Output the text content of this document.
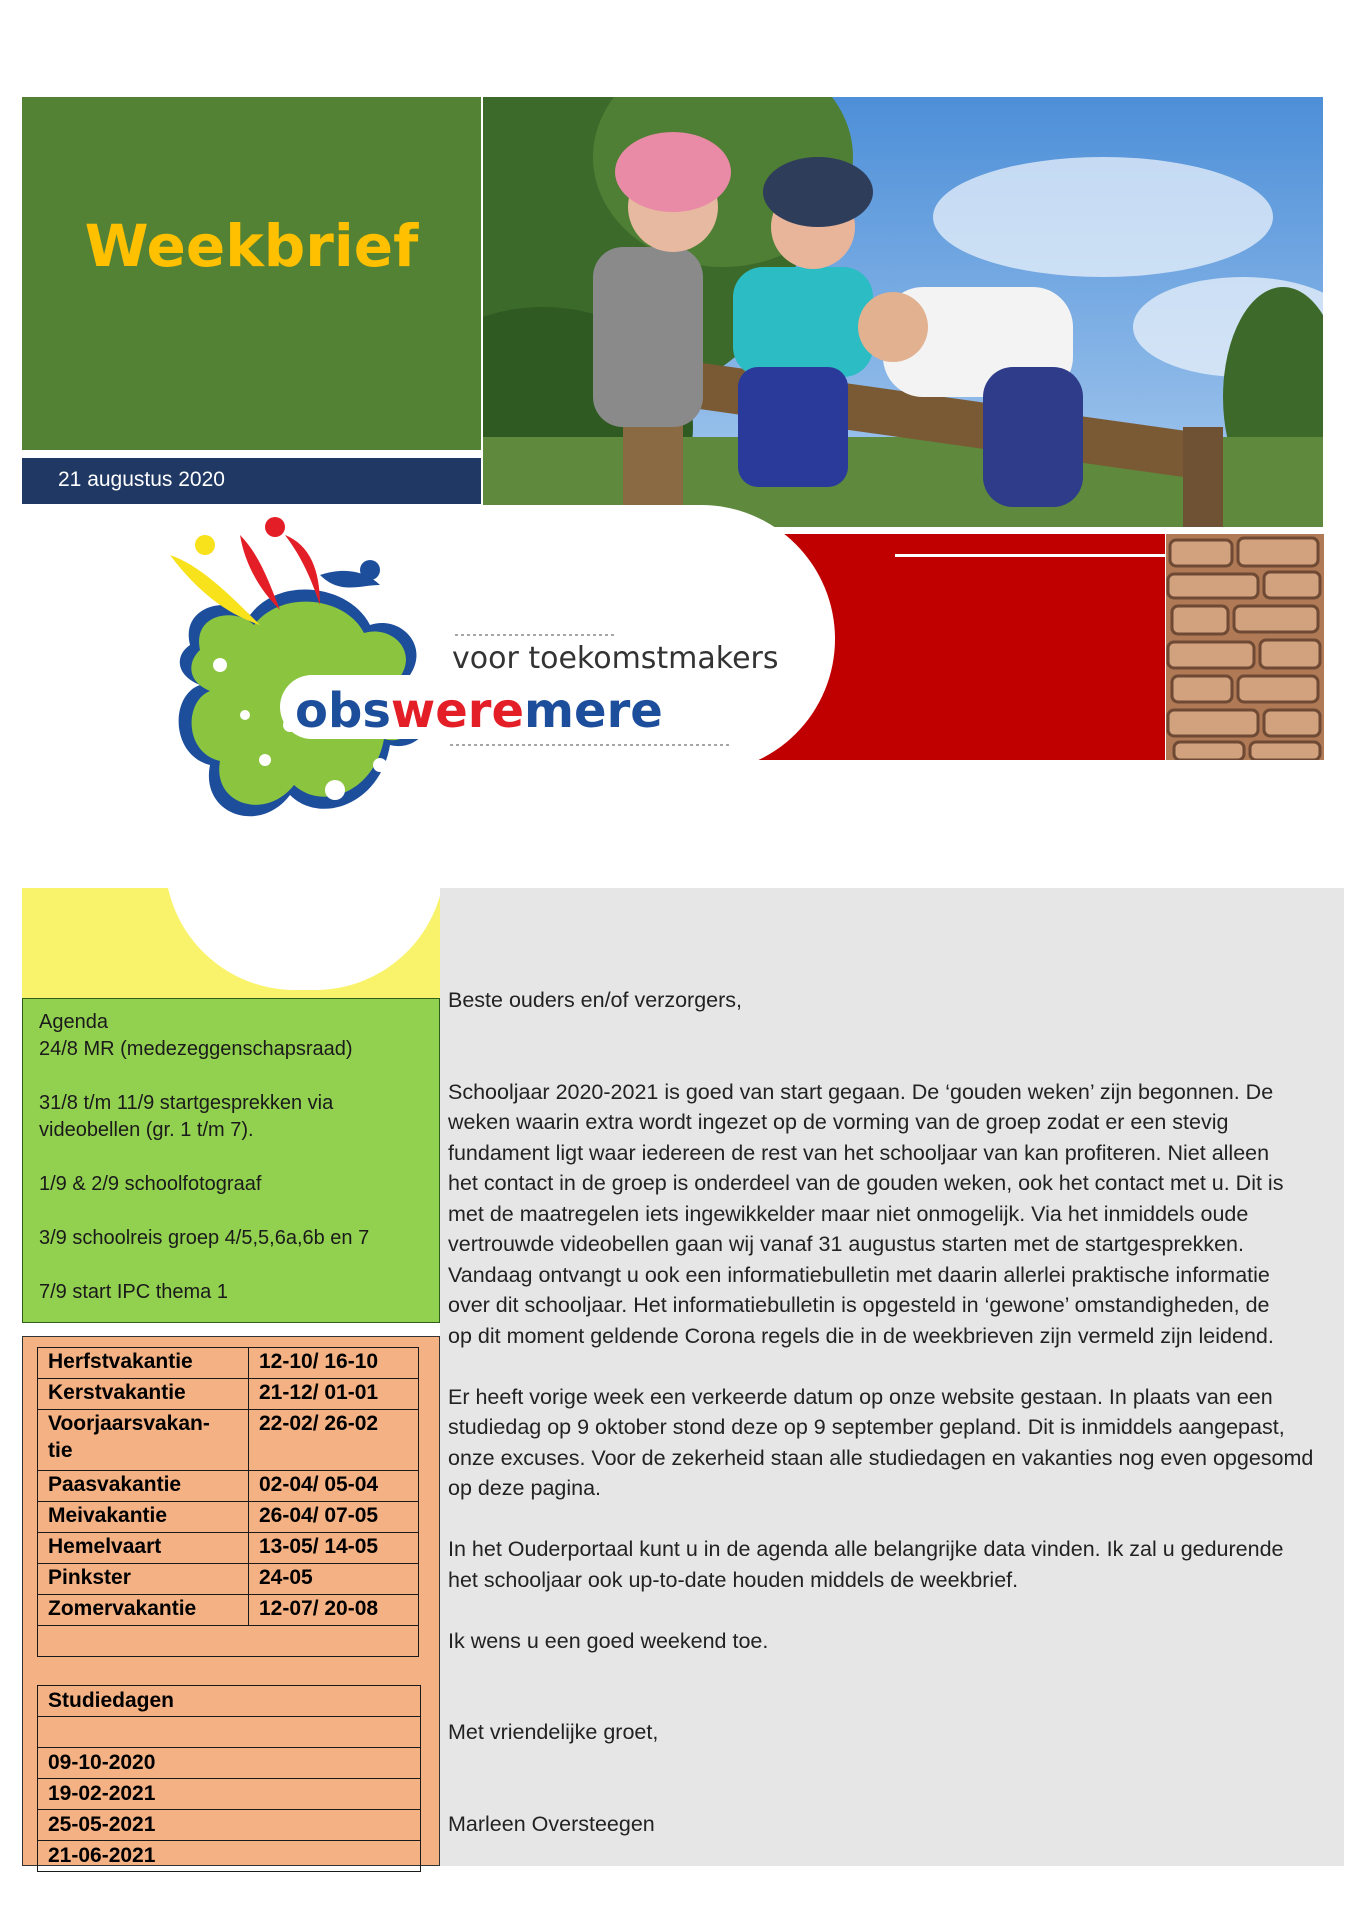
Weekbrief
21 augustus 2020
voor toekomstmakers
obsweremere

Agenda

24/8 MR (medezeggenschapsraad)

31/8 t/m 11/9 startgesprekken via

videobellen (gr. 1 t/m 7).

1/9 & 2/9 schoolfotograaf

3/9 schoolreis groep 4/5,5,6a,6b en 7

7/9 start IPC thema 1

Herfstvakantie	12-10/ 16-10
Kerstvakantie	21-12/ 01-01
Voorjaarsvakan-
tie	22-02/ 26-02
Paasvakantie	02-04/ 05-04
Meivakantie	26-04/ 07-05
Hemelvaart	13-05/ 14-05
Pinkster	24-05
Zomervakantie	12-07/ 20-08

Studiedagen

09-10-2020
19-02-2021
25-05-2021
21-06-2021

Beste ouders en/of verzorgers,

Schooljaar 2020-2021 is goed van start gegaan. De ‘gouden weken’ zijn begonnen. De

weken waarin extra wordt ingezet op de vorming van de groep zodat er een stevig

fundament ligt waar iedereen de rest van het schooljaar van kan profiteren. Niet alleen

het contact in de groep is onderdeel van de gouden weken, ook het contact met u. Dit is

met de maatregelen iets ingewikkelder maar niet onmogelijk. Via het inmiddels oude

vertrouwde videobellen gaan wij vanaf 31 augustus starten met de startgesprekken.

Vandaag ontvangt u ook een informatiebulletin met daarin allerlei praktische informatie

over dit schooljaar. Het informatiebulletin is opgesteld in ‘gewone’ omstandigheden, de

op dit moment geldende Corona regels die in de weekbrieven zijn vermeld zijn leidend.

Er heeft vorige week een verkeerde datum op onze website gestaan. In plaats van een

studiedag op 9 oktober stond deze op 9 september gepland. Dit is inmiddels aangepast,

onze excuses. Voor de zekerheid staan alle studiedagen en vakanties nog even opgesomd

op deze pagina.

In het Ouderportaal kunt u in de agenda alle belangrijke data vinden. Ik zal u gedurende

het schooljaar ook up-to-date houden middels de weekbrief.

Ik wens u een goed weekend toe.

Met vriendelijke groet,

Marleen Oversteegen
